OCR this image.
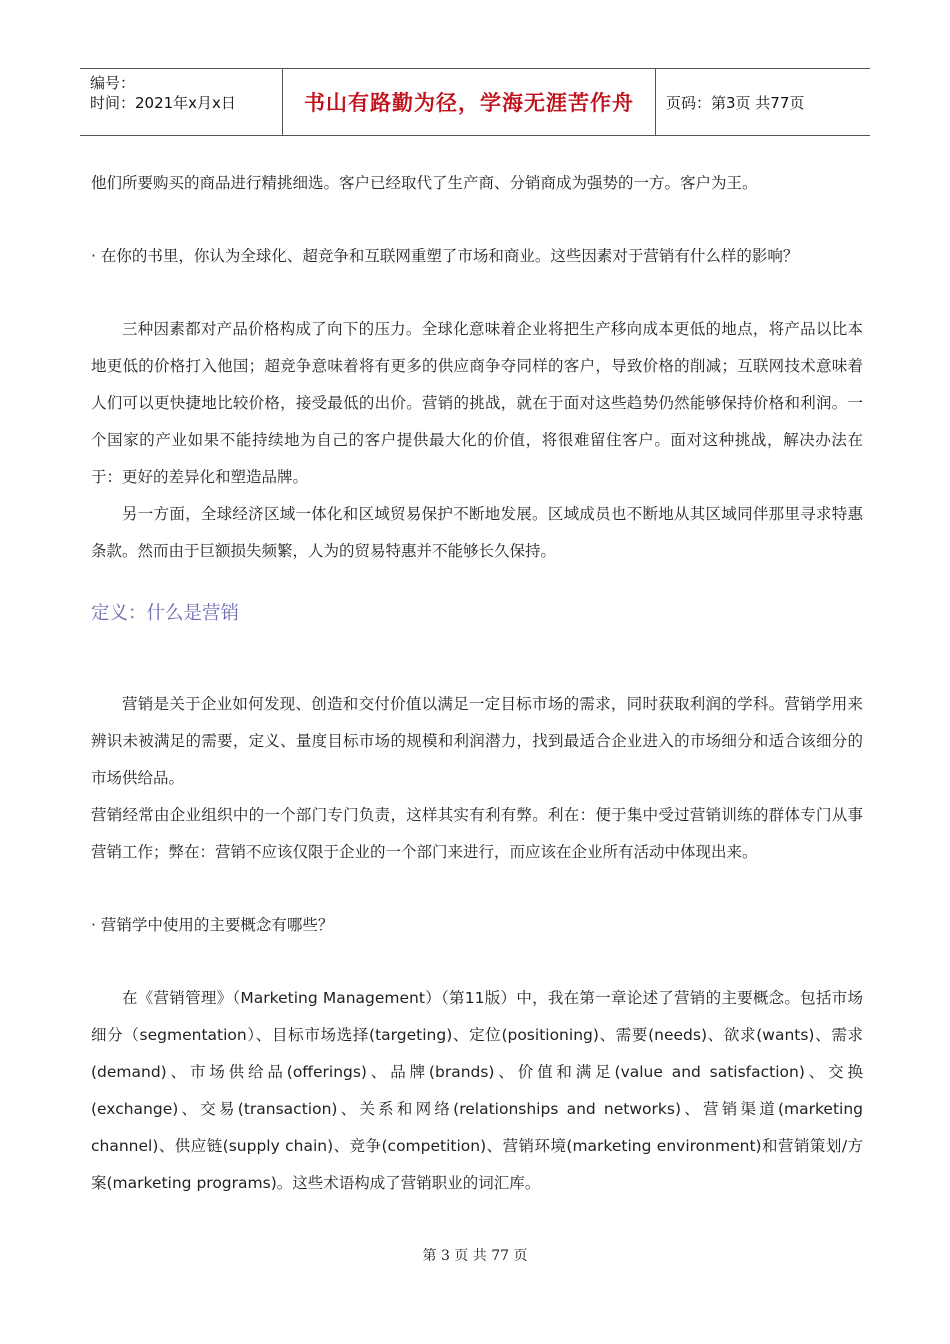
编号：
时间：2021年x月x日	书山有路勤为径，学海无涯苦作舟 页码：第3页 共77页

他们所要购买的商品进行精挑细选。客户已经取代了生产商、分销商成为强势的一方。客户为王。

· 在你的书里，你认为全球化、超竞争和互联网重塑了市场和商业。这些因素对于营销有什么样的影响？

三种因素都对产品价格构成了向下的压力。全球化意味着企业将把生产移向成本更低的地点，将产品以比本地更低的价格打入他国；超竞争意味着将有更多的供应商争夺同样的客户，导致价格的削减；互联网技术意味着人们可以更快捷地比较价格，接受最低的出价。营销的挑战，就在于面对这些趋势仍然能够保持价格和利润。一个国家的产业如果不能持续地为自己的客户提供最大化的价值，将很难留住客户。面对这种挑战，解决办法在于：更好的差异化和塑造品牌。

另一方面，全球经济区域一体化和区域贸易保护不断地发展。区域成员也不断地从其区域同伴那里寻求特惠条款。然而由于巨额损失频繁，人为的贸易特惠并不能够长久保持。

定义：什么是营销

营销是关于企业如何发现、创造和交付价值以满足一定目标市场的需求，同时获取利润的学科。营销学用来辨识未被满足的需要，定义、量度目标市场的规模和利润潜力，找到最适合企业进入的市场细分和适合该细分的市场供给品。

营销经常由企业组织中的一个部门专门负责，这样其实有利有弊。利在：便于集中受过营销训练的群体专门从事营销工作；弊在：营销不应该仅限于企业的一个部门来进行，而应该在企业所有活动中体现出来。

· 营销学中使用的主要概念有哪些？

在《营销管理》（Marketing Management）（第11版）中，我在第一章论述了营销的主要概念。包括市场细分（segmentation）、目标市场选择(targeting)、定位(positioning)、需要(needs)、欲求(wants)、需求(demand)、市场供给品(offerings)、品牌(brands)、价值和满足(value and satisfaction)、交换(exchange)、交易(transaction)、关系和网络(relationships and networks)、营销渠道(marketing channel)、供应链(supply chain)、竞争(competition)、营销环境(marketing environment)和营销策划/方案(marketing programs)。这些术语构成了营销职业的词汇库。

第 3 页 共 77 页
